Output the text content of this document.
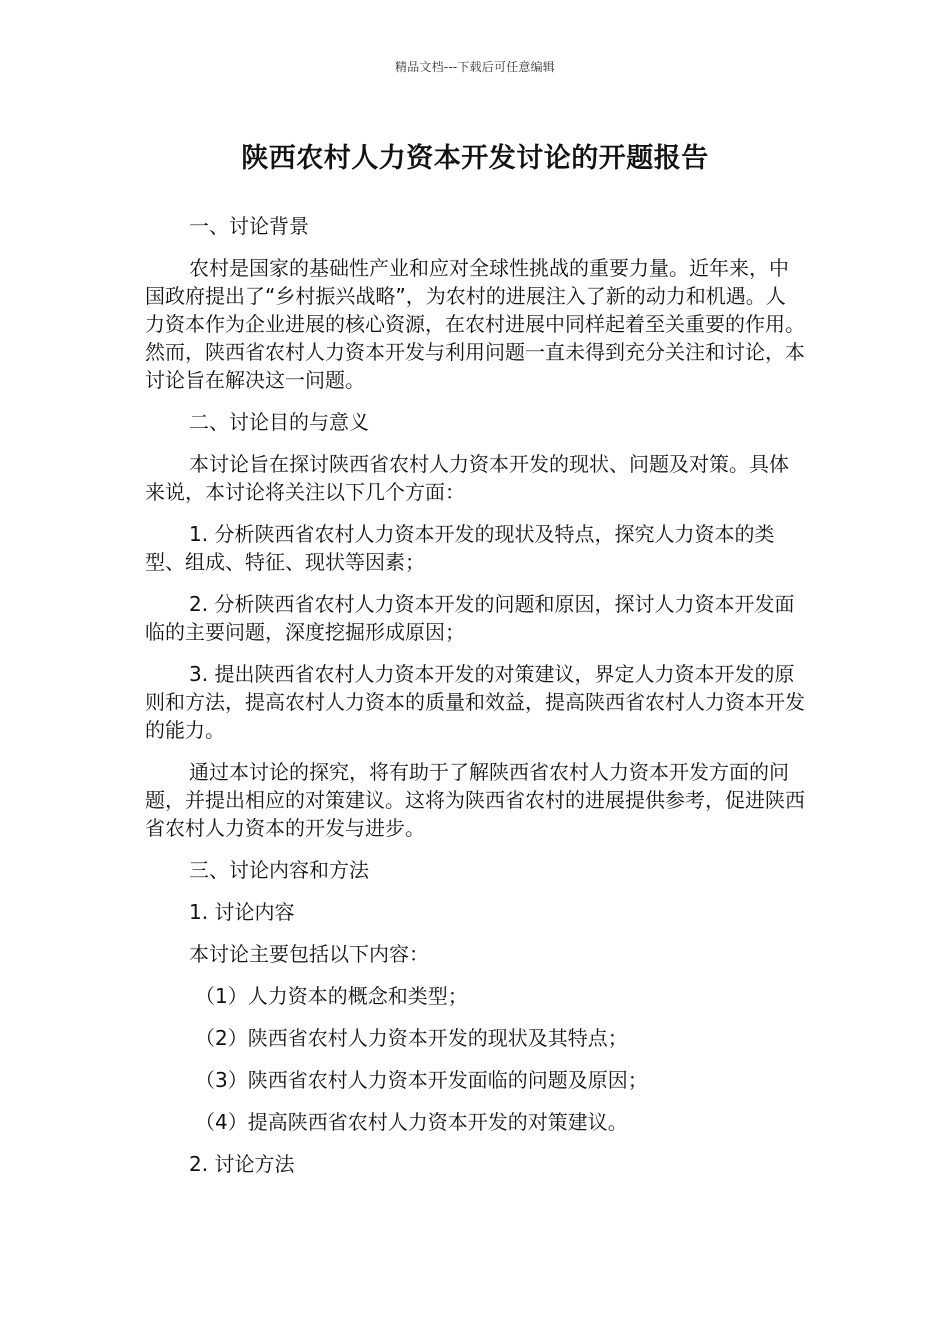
精品文档---下载后可任意编辑
陕西农村人力资本开发讨论的开题报告

一、讨论背景

农村是国家的基础性产业和应对全球性挑战的重要力量。近年来，中国政府提出了“乡村振兴战略”，为农村的进展注入了新的动力和机遇。人力资本作为企业进展的核心资源，在农村进展中同样起着至关重要的作用。然而，陕西省农村人力资本开发与利用问题一直未得到充分关注和讨论，本讨论旨在解决这一问题。

二、讨论目的与意义

本讨论旨在探讨陕西省农村人力资本开发的现状、问题及对策。具体来说，本讨论将关注以下几个方面：

1. 分析陕西省农村人力资本开发的现状及特点，探究人力资本的类型、组成、特征、现状等因素；

2. 分析陕西省农村人力资本开发的问题和原因，探讨人力资本开发面临的主要问题，深度挖掘形成原因；

3. 提出陕西省农村人力资本开发的对策建议，界定人力资本开发的原则和方法，提高农村人力资本的质量和效益，提高陕西省农村人力资本开发的能力。

通过本讨论的探究，将有助于了解陕西省农村人力资本开发方面的问题，并提出相应的对策建议。这将为陕西省农村的进展提供参考，促进陕西省农村人力资本的开发与进步。

三、讨论内容和方法

1. 讨论内容

本讨论主要包括以下内容：

（1）人力资本的概念和类型；

（2）陕西省农村人力资本开发的现状及其特点；

（3）陕西省农村人力资本开发面临的问题及原因；

（4）提高陕西省农村人力资本开发的对策建议。

2. 讨论方法
